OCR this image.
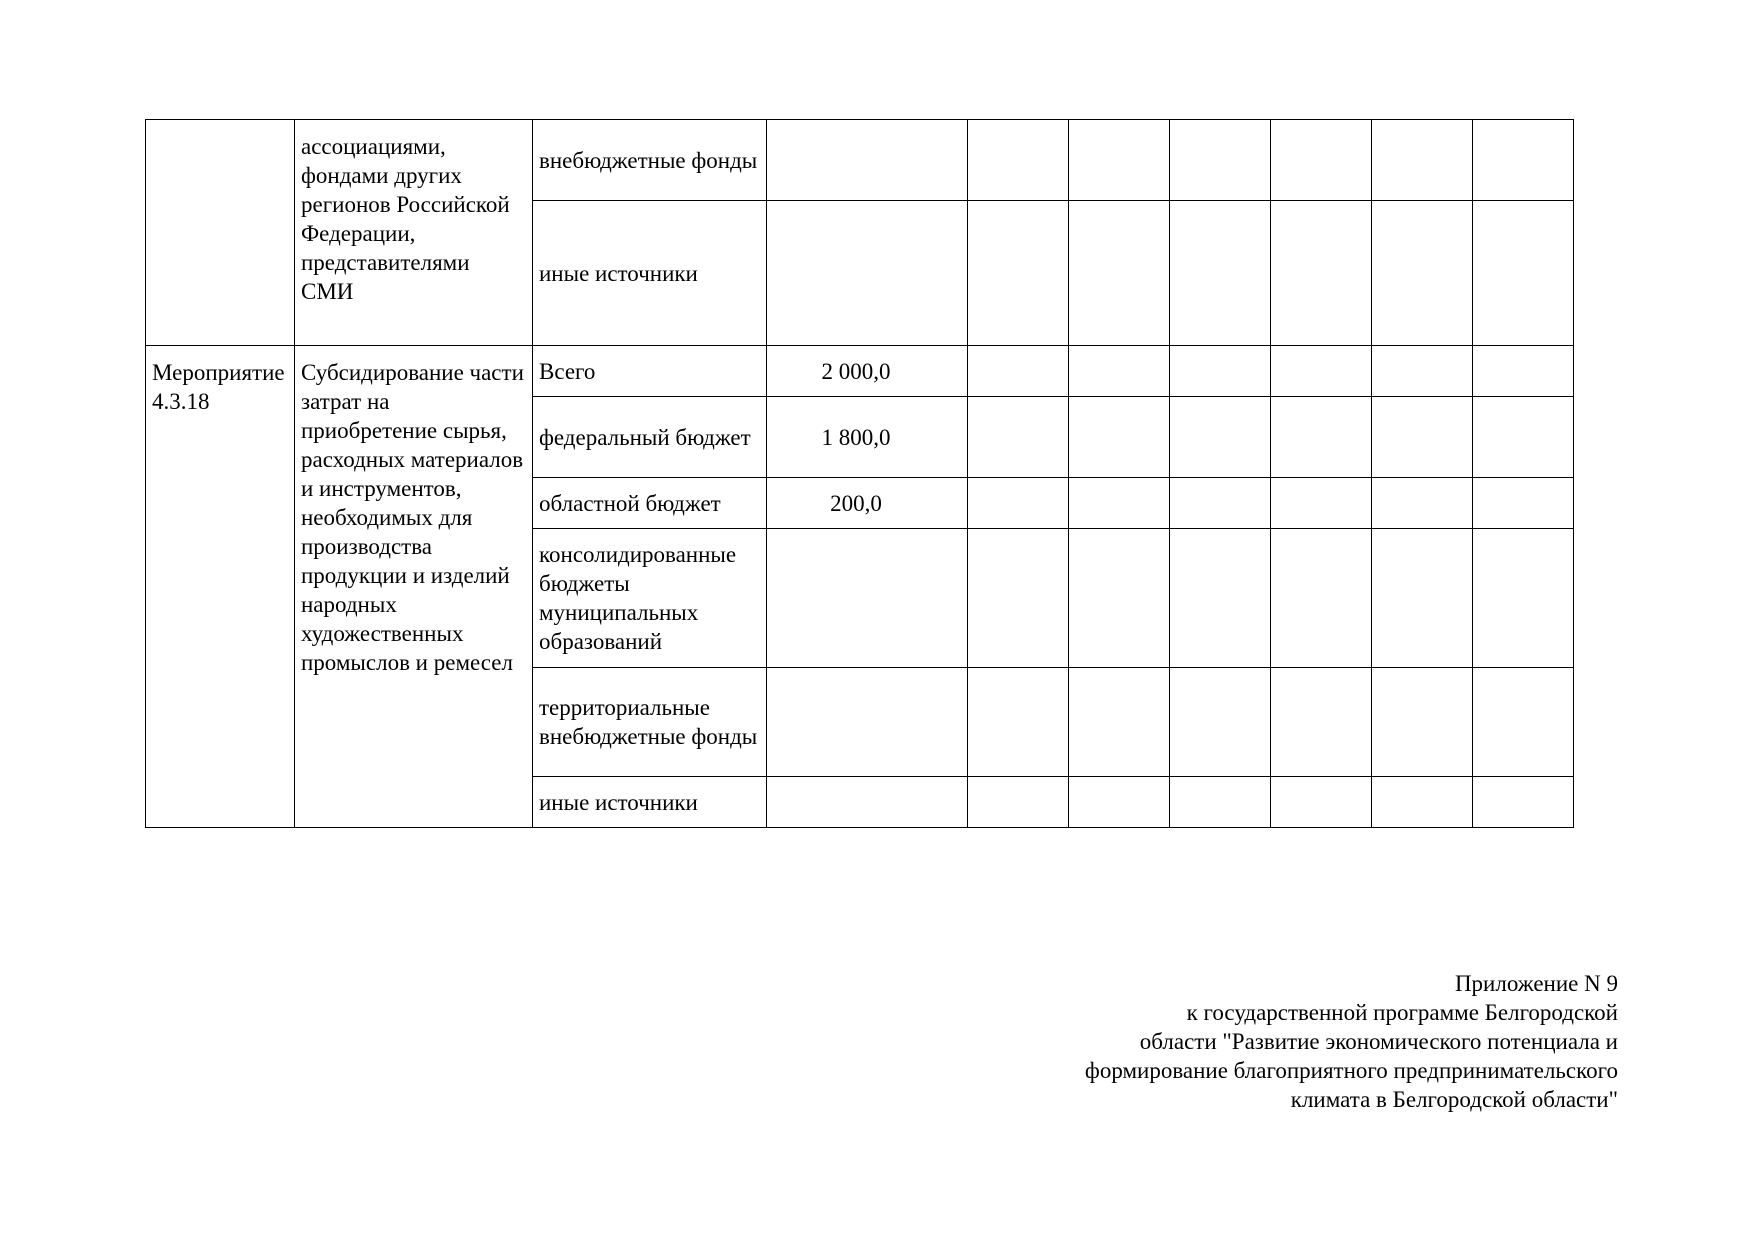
	ассоциациями, фондами других регионов Российской Федерации, представителями СМИ	внебюджетные фонды							
		иные источники							
Мероприятие 4.3.18	Субсидирование части затрат на приобретение сырья, расходных материалов и инструментов, необходимых для производства продукции и изделий народных художественных промыслов и ремесел	Всего	2 000,0						
		федеральный бюджет	1 800,0						
		областной бюджет	200,0						
		консолидированные бюджеты муниципальных образований							
		территориальные внебюджетные фонды							
		иные источники							
Приложение N 9
к государственной программе Белгородской
области "Развитие экономического потенциала и
формирование благоприятного предпринимательского
климата в Белгородской области"
